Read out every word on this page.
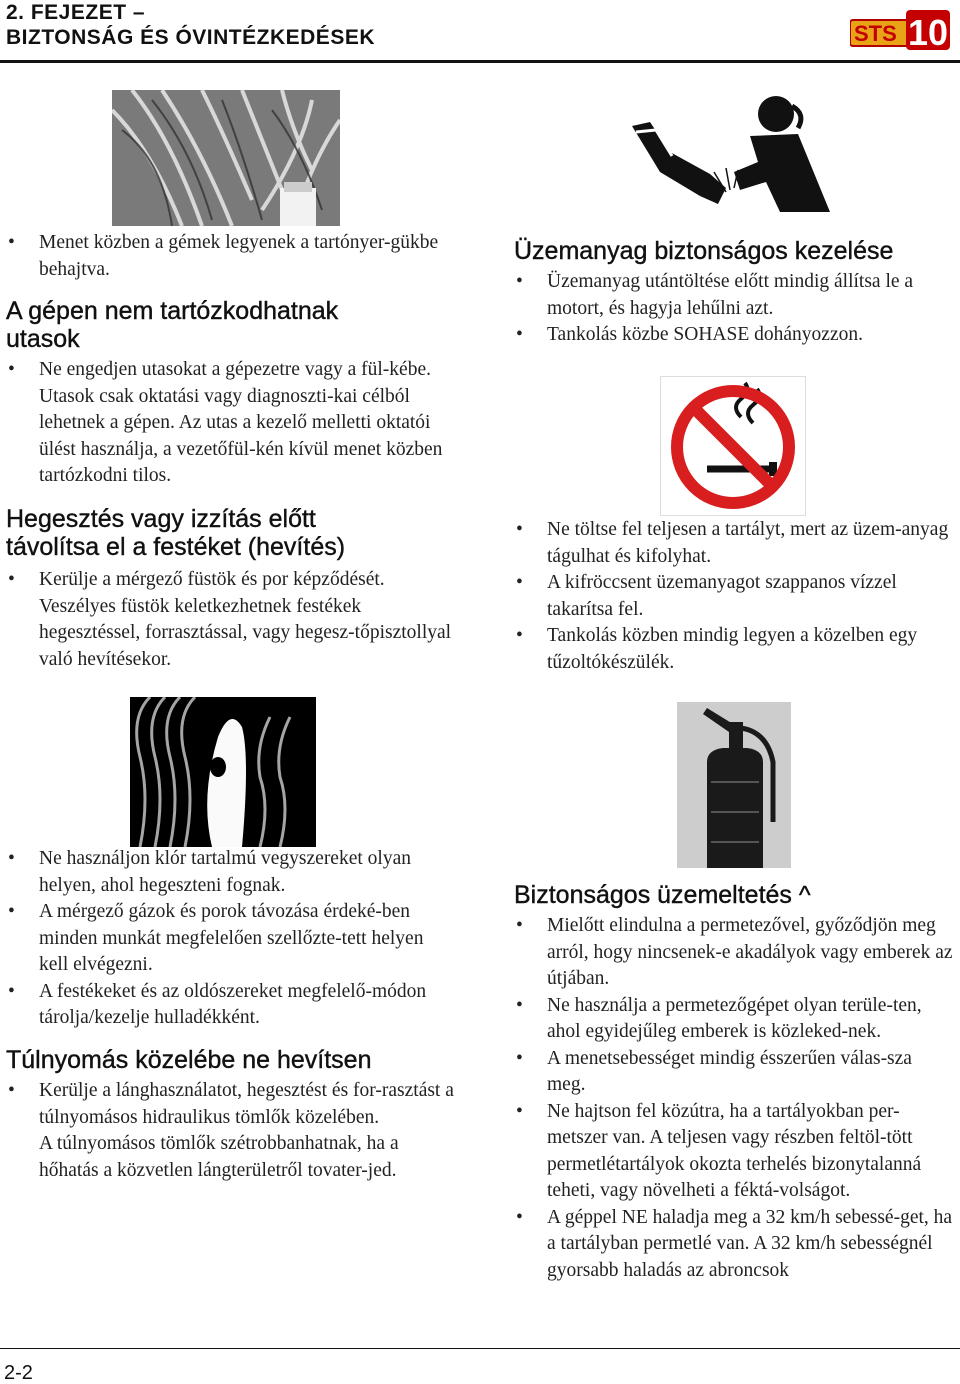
2. FEJEZET –
BIZTONSÁG ÉS ÓVINTÉZKEDÉSEK	STS 10
• Menet közben a gémek legyenek a tartónyer-gükbe behajtva.
A gépen nem tartózkodhatnak
utasok
• Ne engedjen utasokat a gépezetre vagy a fül-kébe. Utasok csak oktatási vagy diagnoszti-kai célból lehetnek a gépen. Az utas a kezelő melletti oktatói ülést használja, a vezetőfül-kén kívül menet közben tartózkodni tilos.
Hegesztés vagy izzítás előtt
távolítsa el a festéket (hevítés)
• Kerülje a mérgező füstök és por képződését.
Veszélyes füstök keletkezhetnek festékek hegesztéssel, forrasztással, vagy hegesz-tőpisztollyal való hevítésekor.
• Ne használjon klór tartalmú vegyszereket olyan helyen, ahol hegeszteni fognak.
• A mérgező gázok és porok távozása érdeké-ben minden munkát megfelelően szellőzte-tett helyen kell elvégezni.
• A festékeket és az oldószereket megfelelő-módon tárolja/kezelje hulladékként.
Túlnyomás közelébe ne hevítsen
• Kerülje a lánghasználatot, hegesztést és for-rasztást a túlnyomásos hidraulikus tömlők közelében.
A túlnyomásos tömlők szétrobbanhatnak, ha a hőhatás a közvetlen lángterületről tovater-jed.
Üzemanyag biztonságos kezelése
• Üzemanyag utántöltése előtt mindig állítsa le a motort, és hagyja lehűlni azt.
• Tankolás közbe SOHASE dohányozzon.
• Ne töltse fel teljesen a tartályt, mert az üzem-anyag tágulhat és kifolyhat.
• A kifröccsent üzemanyagot szappanos vízzel takarítsa fel.
• Tankolás közben mindig legyen a közelben egy tűzoltókészülék.
Biztonságos üzemeltetés ^
• Mielőtt elindulna a permetezővel, győződjön meg arról, hogy nincsenek-e akadályok vagy emberek az útjában.
• Ne használja a permetezőgépet olyan terüle-ten, ahol egyidejűleg emberek is közleked-nek.
• A menetsebességet mindig ésszerűen válas-sza meg.
• Ne hajtson fel közútra, ha a tartályokban per-metszer van. A teljesen vagy részben feltöl-tött permetlétartályok okozta terhelés bizonytalanná teheti, vagy növelheti a féktá-volságot.
• A géppel NE haladja meg a 32 km/h sebessé-get, ha a tartályban permetlé van. A 32 km/h sebességnél gyorsabb haladás az abroncsok
2-2
